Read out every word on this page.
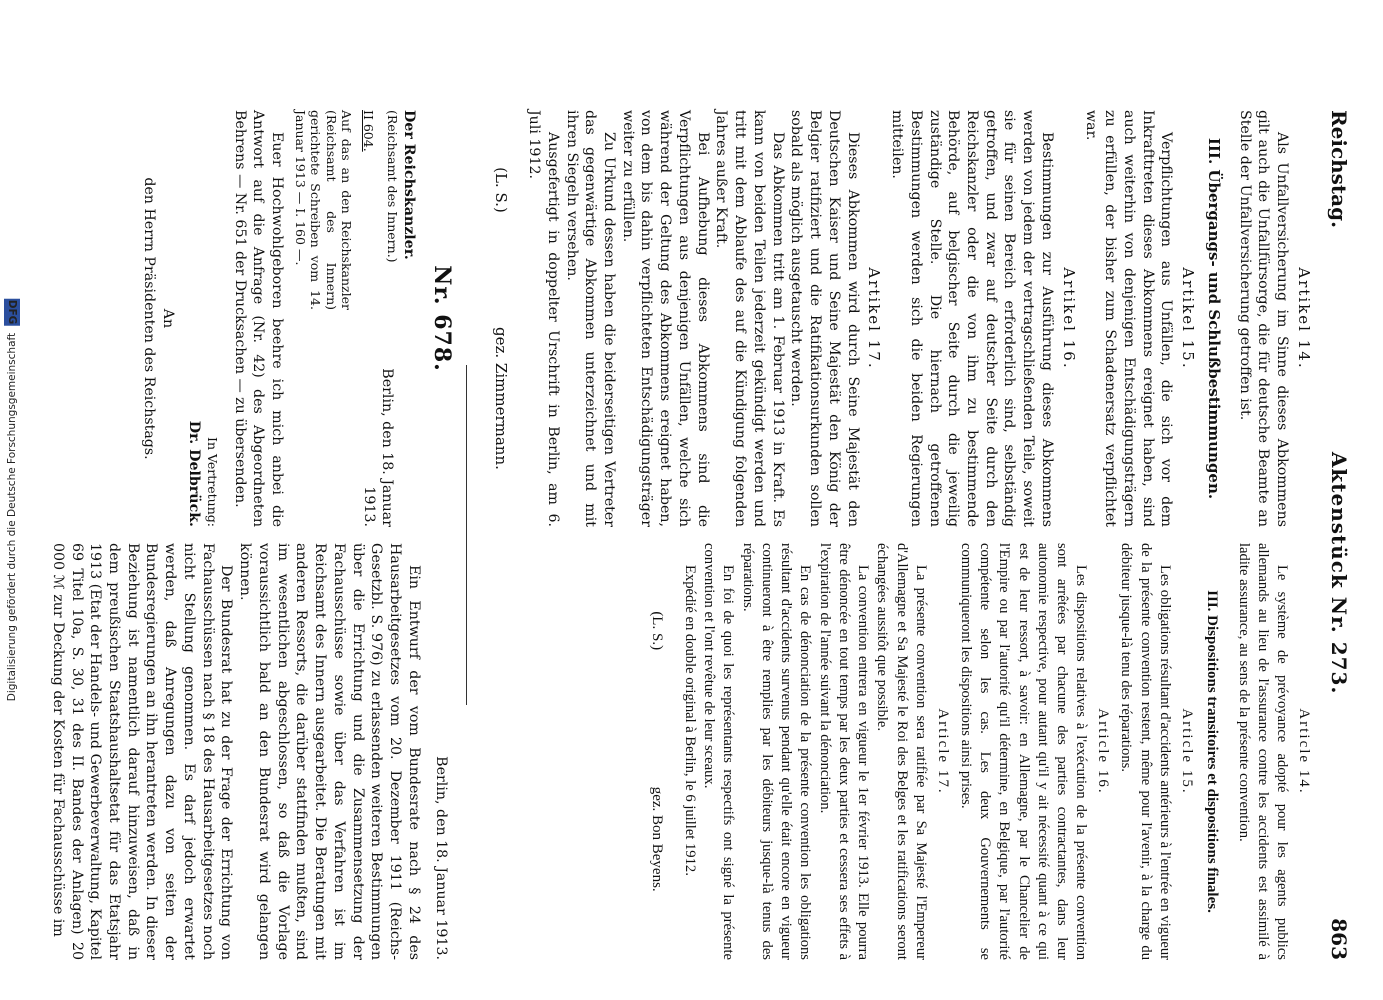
Digitalisierung gefördert durch die Deutsche Forschungsgemeinschaft DFG
Reichstag.
Aktenstück Nr. 273.
863
Artikel 14.

Als Unfallversicherung im Sinne dieses Abkommens gilt auch die Unfallfürsorge, die für deutsche Beamte an Stelle der Unfallversicherung getroffen ist.

III. Übergangs- und Schlußbestimmungen.
Artikel 15.

Verpflichtungen aus Unfällen, die sich vor dem Inkrafttreten dieses Abkommens ereignet haben, sind auch weiterhin von denjenigen Entschädigungsträgern zu erfüllen, der bisher zum Schadenersatz verpflichtet war.

Artikel 16.

Bestimmungen zur Ausführung dieses Abkommens werden von jedem der vertragschließenden Teile, soweit sie für seinen Bereich erforderlich sind, selbständig getroffen, und zwar auf deutscher Seite durch den Reichskanzler oder die von ihm zu bestimmende Behörde, auf belgischer Seite durch die jeweilig zuständige Stelle. Die hiernach getroffenen Bestimmungen werden sich die beiden Regierungen mitteilen.

Artikel 17.

Dieses Abkommen wird durch Seine Majestät den Deutschen Kaiser und Seine Majestät den König der Belgier ratifiziert und die Ratifikationsurkunden sollen sobald als möglich ausgetauscht werden.

Das Abkommen tritt am 1. Februar 1913 in Kraft. Es kann von beiden Teilen jederzeit gekündigt werden und tritt mit dem Ablaufe des auf die Kündigung folgenden Jahres außer Kraft.

Bei Aufhebung dieses Abkommens sind die Verpflichtungen aus denjenigen Unfällen, welche sich während der Geltung des Abkommens ereignet haben, von dem bis dahin verpflichteten Entschädigungsträger weiter zu erfüllen.

Zu Urkund dessen haben die beiderseitigen Vertreter das gegenwärtige Abkommen unterzeichnet und mit ihren Siegeln versehen.

Ausgefertigt in doppelter Urschrift in Berlin, am 6. Juli 1912.

(L. S.)
gez. Zimmermann.
Article 14.

Le système de prévoyance adopté pour les agents publics allemands au lieu de l'assurance contre les accidents est assimilé à ladite assurance, au sens de la présente convention.

III. Dispositions transitoires et dispositions finales.
Article 15.

Les obligations résultant d'accidents antérieurs à l'entrée en vigueur de la présente convention restent, même pour l'avenir, à la charge du débiteur jusque-là tenu des réparations.

Article 16.

Les dispositions relatives à l'exécution de la présente convention sont arrêtées par chacune des parties contractantes, dans leur autonomie respective, pour autant qu'il y ait nécessité quant à ce qui est de leur ressort, à savoir: en Allemagne, par le Chancelier de l'Empire ou par l'autorité qu'il détermine, en Belgique, par l'autorité compétente selon les cas. Les deux Gouvernements se communiqueront les dispositions ainsi prises.

Article 17.

La présente convention sera ratifiée par Sa Majesté l'Empereur d'Allemagne et Sa Majesté le Roi des Belges et les ratifications seront échangées aussitôt que possible.

La convention entrera en vigueur le 1er février 1913. Elle pourra être dénoncée en tout temps par les deux parties et cessera ses effets à l'expiration de l'année suivant la dénonciation.

En cas de dénonciation de la présente convention les obligations résultant d'accidents survenus pendant qu'elle était encore en vigueur continueront à être remplies par les débiteurs jusque-là tenus des réparations.

En foi de quoi les représentants respectifs ont signé la présente convention et l'ont revêtue de leur sceaux.

Expédié en double original à Berlin, le 6 juillet 1912.

(L. S.)
gez. Bon Beyens.
Nr. 678.
Der Reichskanzler.
(Reichsamt des Innern.)
II 604.
Auf das an den Reichskanzler (Reichsamt des Innern) gerichtete Schreiben vom 14. Januar 1913 — I. 160 —.
Berlin, den 18. Januar 1913.

Euer Hochwohlgeboren beehre ich mich anbei die Antwort auf die Anfrage (Nr. 42) des Abgeordneten Behrens — Nr. 651 der Drucksachen — zu übersenden.

In Vertretung:
Dr. Delbrück.
An
den Herrn Präsidenten des Reichstags.
Berlin, den 18. Januar 1913.

Ein Entwurf der vom Bundesrate nach § 24 des Hausarbeitgesetzes vom 20. Dezember 1911 (Reichs-Gesetzbl. S. 976) zu erlassenden weiteren Bestimmungen über die Errichtung und die Zusammensetzung der Fachausschüsse sowie über das Verfahren ist im Reichsamt des Innern ausgearbeitet. Die Beratungen mit anderen Ressorts, die darüber stattfinden mußten, sind im wesentlichen abgeschlossen, so daß die Vorlage voraussichtlich bald an den Bundesrat wird gelangen können.

Der Bundesrat hat zu der Frage der Errichtung von Fachausschüssen nach § 18 des Hausarbeitgesetzes noch nicht Stellung genommen. Es darf jedoch erwartet werden, daß Anregungen dazu von seiten der Bundesregierungen an ihn herantreten werden. In dieser Beziehung ist namentlich darauf hinzuweisen, daß in dem preußischen Staatshaushaltsetat für das Etatsjahr 1913 (Etat der Handels- und Gewerbeverwaltung, Kapitel 69 Titel 10a, S. 30, 31 des II. Bandes der Anlagen) 20 000 ℳ zur Deckung der Kosten für Fachausschüsse im
